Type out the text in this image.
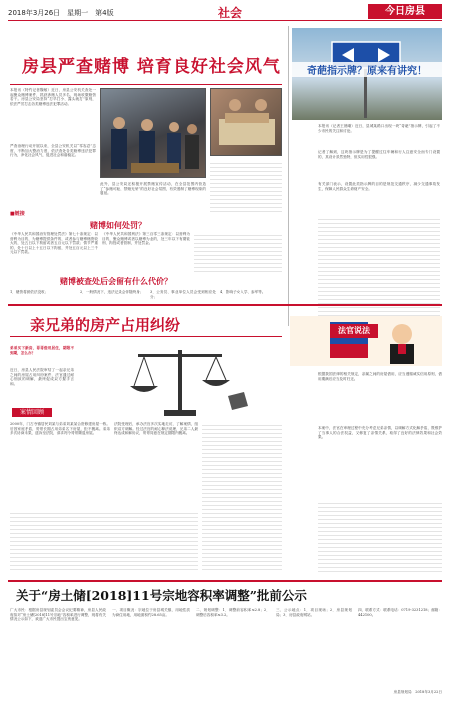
2018年3月26日　星期一　第4版	社会	今日房县
房县严查赌博 培育良好社会风气
本报讯（特约记者魏敏）近日，房县公安机关查处一起聚众赌博案件，抓获涉赌人员多名，现场收缴赌资若干。房县公安局坚持“打早打小、露头就打”原则，依法严厉打击各类赌博违法犯罪活动。
严查治理行动开展以来，全县公安机关以“零容忍”态度，不断加大整治力度，依法查处各类赌博违法犯罪行为，净化社会风气，促进社会和谐稳定。
此外，县公安局还积极开展禁赌宣传活动，在全县范围内营造了“参赌可耻、禁赌光荣”的良好社会氛围，有效遏制了赌博现象的蔓延。
■链接
赌博如何处罚？
《中华人民共和国治安管理处罚法》第七十条规定：以营利为目的，为赌博提供条件的，或者参与赌博赌资较大的，处五日以下拘留或者五百元以下罚款；情节严重的，处十日以上十五日以下拘留，并处五百元以上三千元以下罚款。
《中华人民共和国刑法》第三百零三条规定：以营利为目的，聚众赌博或者以赌博为业的，处三年以下有期徒刑、拘役或者管制，并处罚金。
赌博被查处后会留有什么代价？
1．赌资将被依法没收；	2．一般情况下，违法记录会伴随终身；	3．公务员、事业单位人员会受到相应处分；
4．影响子女入学、参军等。
奇葩指示牌？原来有讲究！
本报讯（记者王晨曦）近日，县城某路口出现一块“奇葩”指示牌，引起了不少市民的关注和讨论。
记者了解到，这块指示牌是为了提醒过往车辆和行人注意安全而专门设置的，其设计虽然独特，但实用性很强。
有关部门表示，设置此类指示牌的目的是规范交通秩序，减少交通事故发生，保障人民群众生命财产安全。
亲兄弟的房产占用纠纷
弟弟买下新房，哥哥借用居住，期限不到期，怎么办？
近日，房县人民法院审结了一起亲兄弟之间的房屋占用纠纷案件，法官通过耐心细致的调解，最终促成双方握手言和。
案情回顾
2000年，门古寺镇居民刘某与弟弟刘某某合资修建房屋一栋。后因家庭矛盾，哥哥长期占用弟弟名下房屋，拒不搬离。弟弟多次协商未果，遂诉至法院，请求判令哥哥腾退房屋。
法院受理后，承办法官多次实地走访，了解案情，组织双方调解。经过法官的耐心释法说理，兄弟二人最终达成和解协议，哥哥同意在规定期限内搬离。
法官说法
根据我国法律的相关规定，亲属之间的房屋借用，应当遵循诚实信用原则，借用期满后应当及时归还。
本案中，法官在审理过程中充分考虑兄弟亲情，以调解方式化解矛盾，既维护了当事人的合法权益，又修复了亲情关系，取得了良好的法律效果和社会效果。
关于“房土储[2018]11号宗地容积率调整”批前公示
广大市民：根据房县规划委员会会议纪要精神，房县人民政府拟对“房土储[2018]11号宗地”容积率进行调整，现将有关情况公示如下，欢迎广大市民提出宝贵意见。
一、项目概况：宗地位于房县城关镇，用地性质为商住用地，用地面积约28.65亩。
二、规划调整：1．调整前容积率≤2.8；2．调整后容积率≤3.2。
三、公示地点：1．项目现场；2．房县规划局；3．房县政府网站。
四、联系方式：联系电话：0719-3231218；邮箱：442100。
房县规划局　2018年3月22日
